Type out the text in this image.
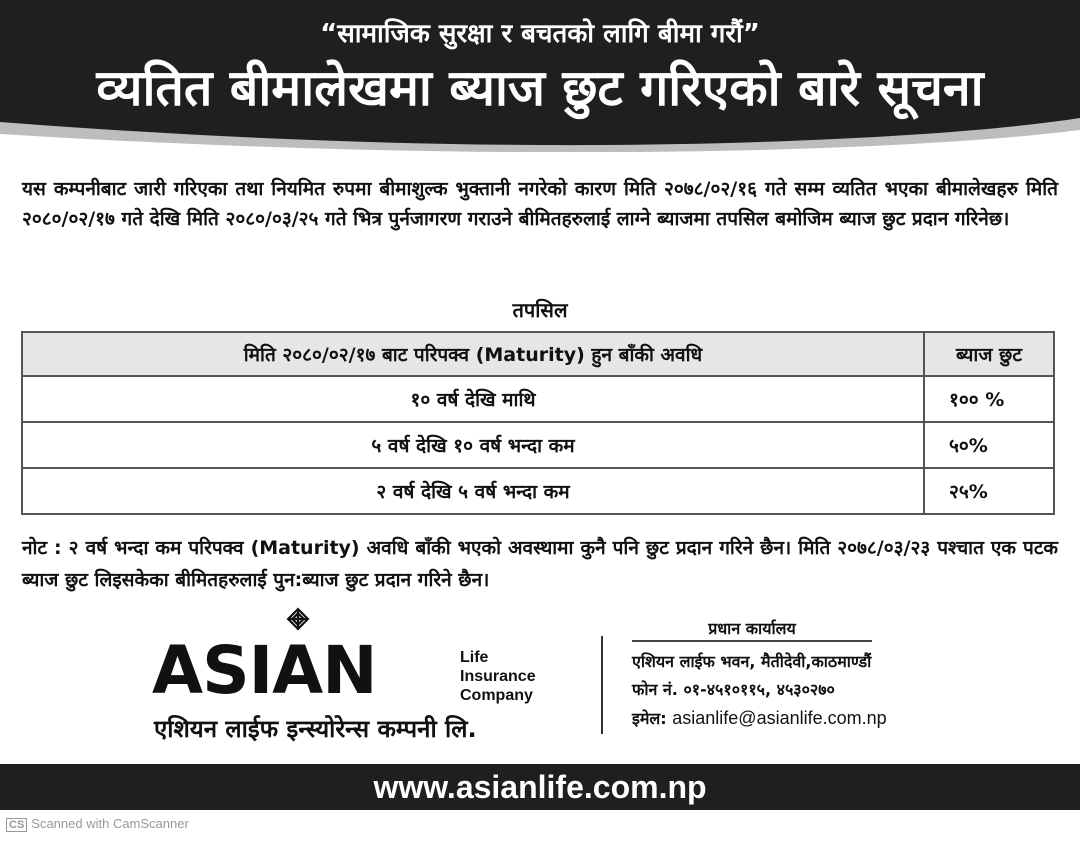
“सामाजिक सुरक्षा र बचतको लागि बीमा गरौं”
व्यतित बीमालेखमा ब्याज छुट गरिएको बारे सूचना
यस कम्पनीबाट जारी गरिएका तथा नियमित रुपमा बीमाशुल्क भुक्तानी नगरेको कारण मिति २०७८/०२/१६ गते सम्म व्यतित भएका बीमालेखहरु मिति २०८०/०२/१७ गते देखि मिति २०८०/०३/२५ गते भित्र पुर्नजागरण गराउने बीमितहरुलाई लाग्ने ब्याजमा तपसिल बमोजिम ब्याज छुट प्रदान गरिनेछ।
तपसिल
मिति २०८०/०२/१७ बाट परिपक्व (Maturity) हुन बाँकी अवधि	ब्याज छुट
१० वर्ष देखि माथि	१०० %
५ वर्ष देखि १० वर्ष भन्दा कम	५०%
२ वर्ष देखि ५ वर्ष भन्दा कम	२५%
नोट : २ वर्ष भन्दा कम परिपक्व (Maturity) अवधि बाँकी भएको अवस्थामा कुनै पनि छुट प्रदान गरिने छैन। मिति २०७८/०३/२३ पश्चात एक पटक ब्याज छुट लिइसकेका बीमितहरुलाई पुन:ब्याज छुट प्रदान गरिने छैन।
ASIAN	Life
Insurance
Company
एशियन लाईफ इन्स्योरेन्स कम्पनी लि.
प्रधान कार्यालय
एशियन लाईफ भवन, मैतीदेवी,काठमाण्डौं
फोन नं. ०१-४५१०११५, ४५३०२७०
इमेल: asianlife@asianlife.com.np
www.asianlife.com.np
CS Scanned with CamScanner
